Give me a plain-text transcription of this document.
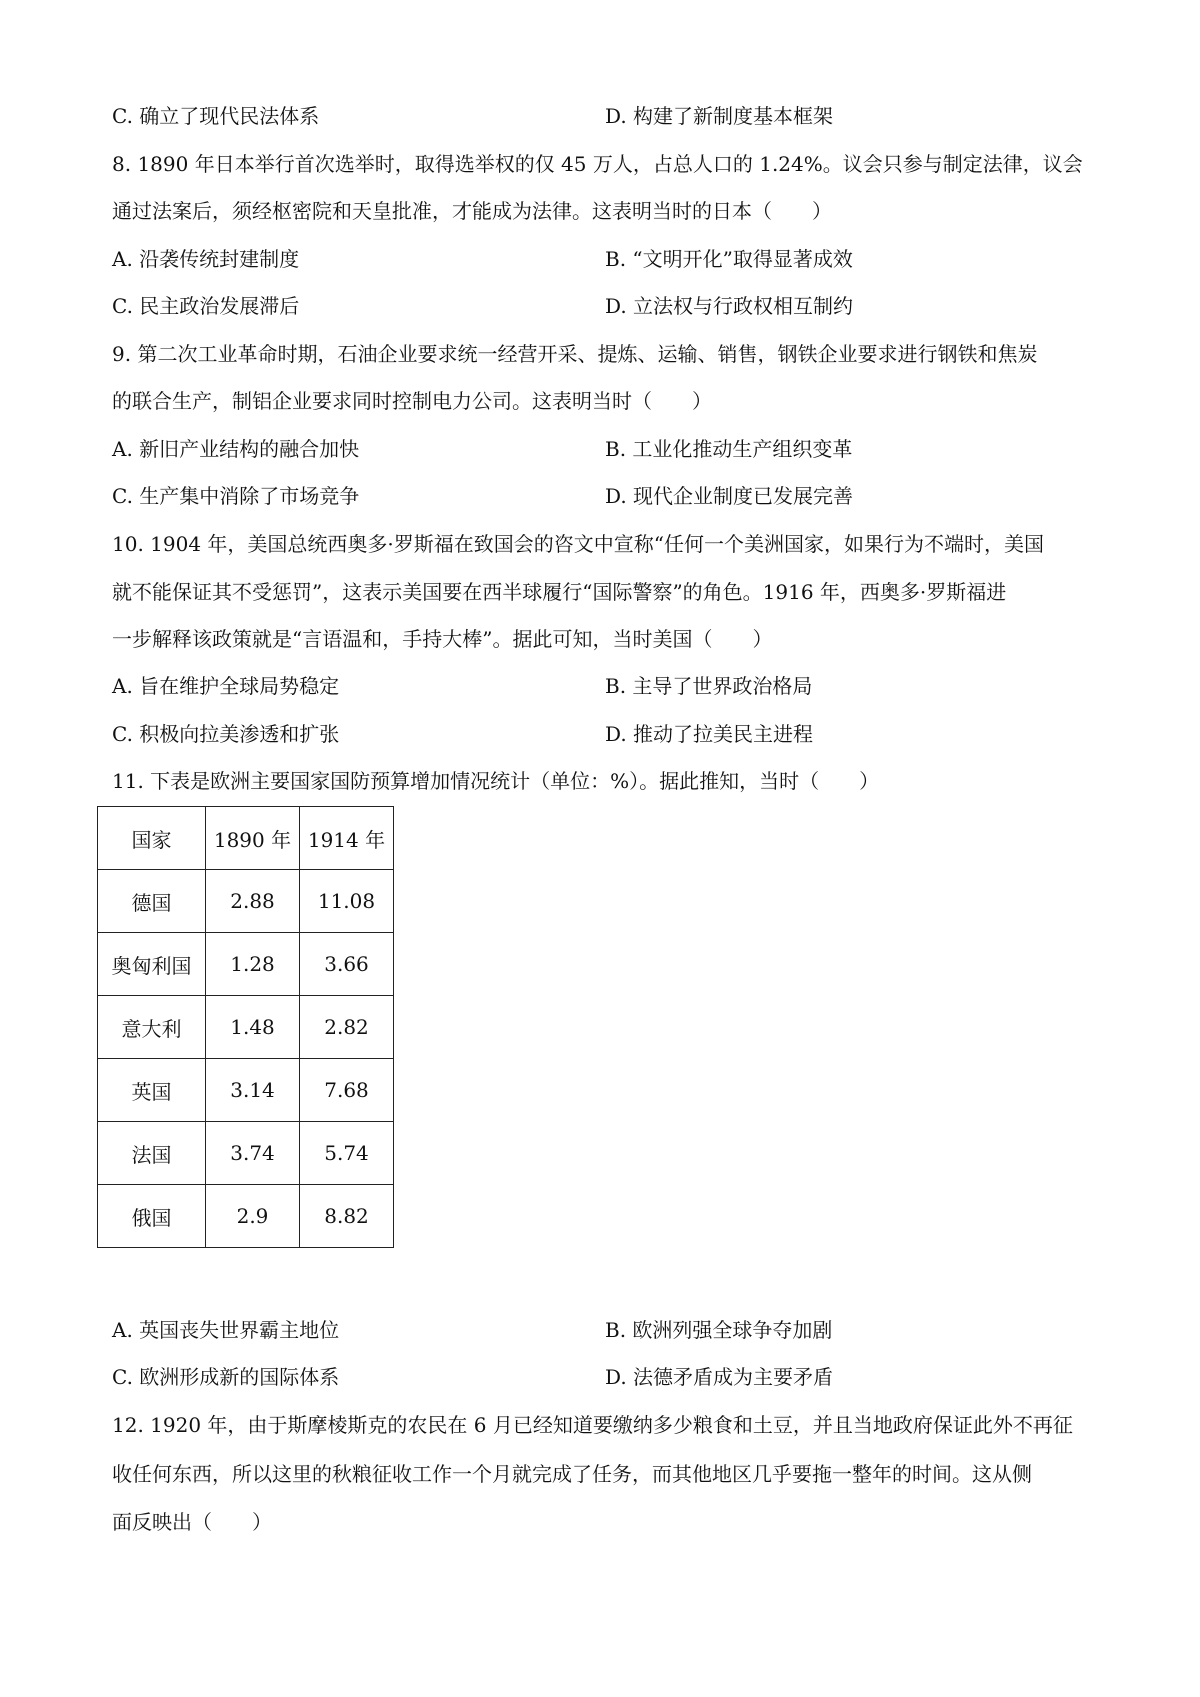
C. 确立了现代民法体系	D. 构建了新制度基本框架
8. 1890 年日本举行首次选举时，取得选举权的仅 45 万人，占总人口的 1.24%。议会只参与制定法律，议会
通过法案后，须经枢密院和天皇批准，才能成为法律。这表明当时的日本（　　）
A. 沿袭传统封建制度	B. “文明开化”取得显著成效
C. 民主政治发展滞后	D. 立法权与行政权相互制约
9. 第二次工业革命时期，石油企业要求统一经营开采、提炼、运输、销售，钢铁企业要求进行钢铁和焦炭
的联合生产，制铝企业要求同时控制电力公司。这表明当时（　　）
A. 新旧产业结构的融合加快	B. 工业化推动生产组织变革
C. 生产集中消除了市场竞争	D. 现代企业制度已发展完善
10. 1904 年，美国总统西奥多·罗斯福在致国会的咨文中宣称“任何一个美洲国家，如果行为不端时，美国
就不能保证其不受惩罚”，这表示美国要在西半球履行“国际警察”的角色。1916 年，西奥多·罗斯福进
一步解释该政策就是“言语温和，手持大棒”。据此可知，当时美国（　　）
A. 旨在维护全球局势稳定	B. 主导了世界政治格局
C. 积极向拉美渗透和扩张	D. 推动了拉美民主进程
11. 下表是欧洲主要国家国防预算增加情况统计（单位：%）。据此推知，当时（　　）
国家	1890 年	1914 年
德国	2.88	11.08
奥匈利国	1.28	3.66
意大利	1.48	2.82
英国	3.14	7.68
法国	3.74	5.74
俄国	2.9	8.82
A. 英国丧失世界霸主地位	B. 欧洲列强全球争夺加剧
C. 欧洲形成新的国际体系	D. 法德矛盾成为主要矛盾
12. 1920 年，由于斯摩棱斯克的农民在 6 月已经知道要缴纳多少粮食和土豆，并且当地政府保证此外不再征
收任何东西，所以这里的秋粮征收工作一个月就完成了任务，而其他地区几乎要拖一整年的时间。这从侧
面反映出（　　）
